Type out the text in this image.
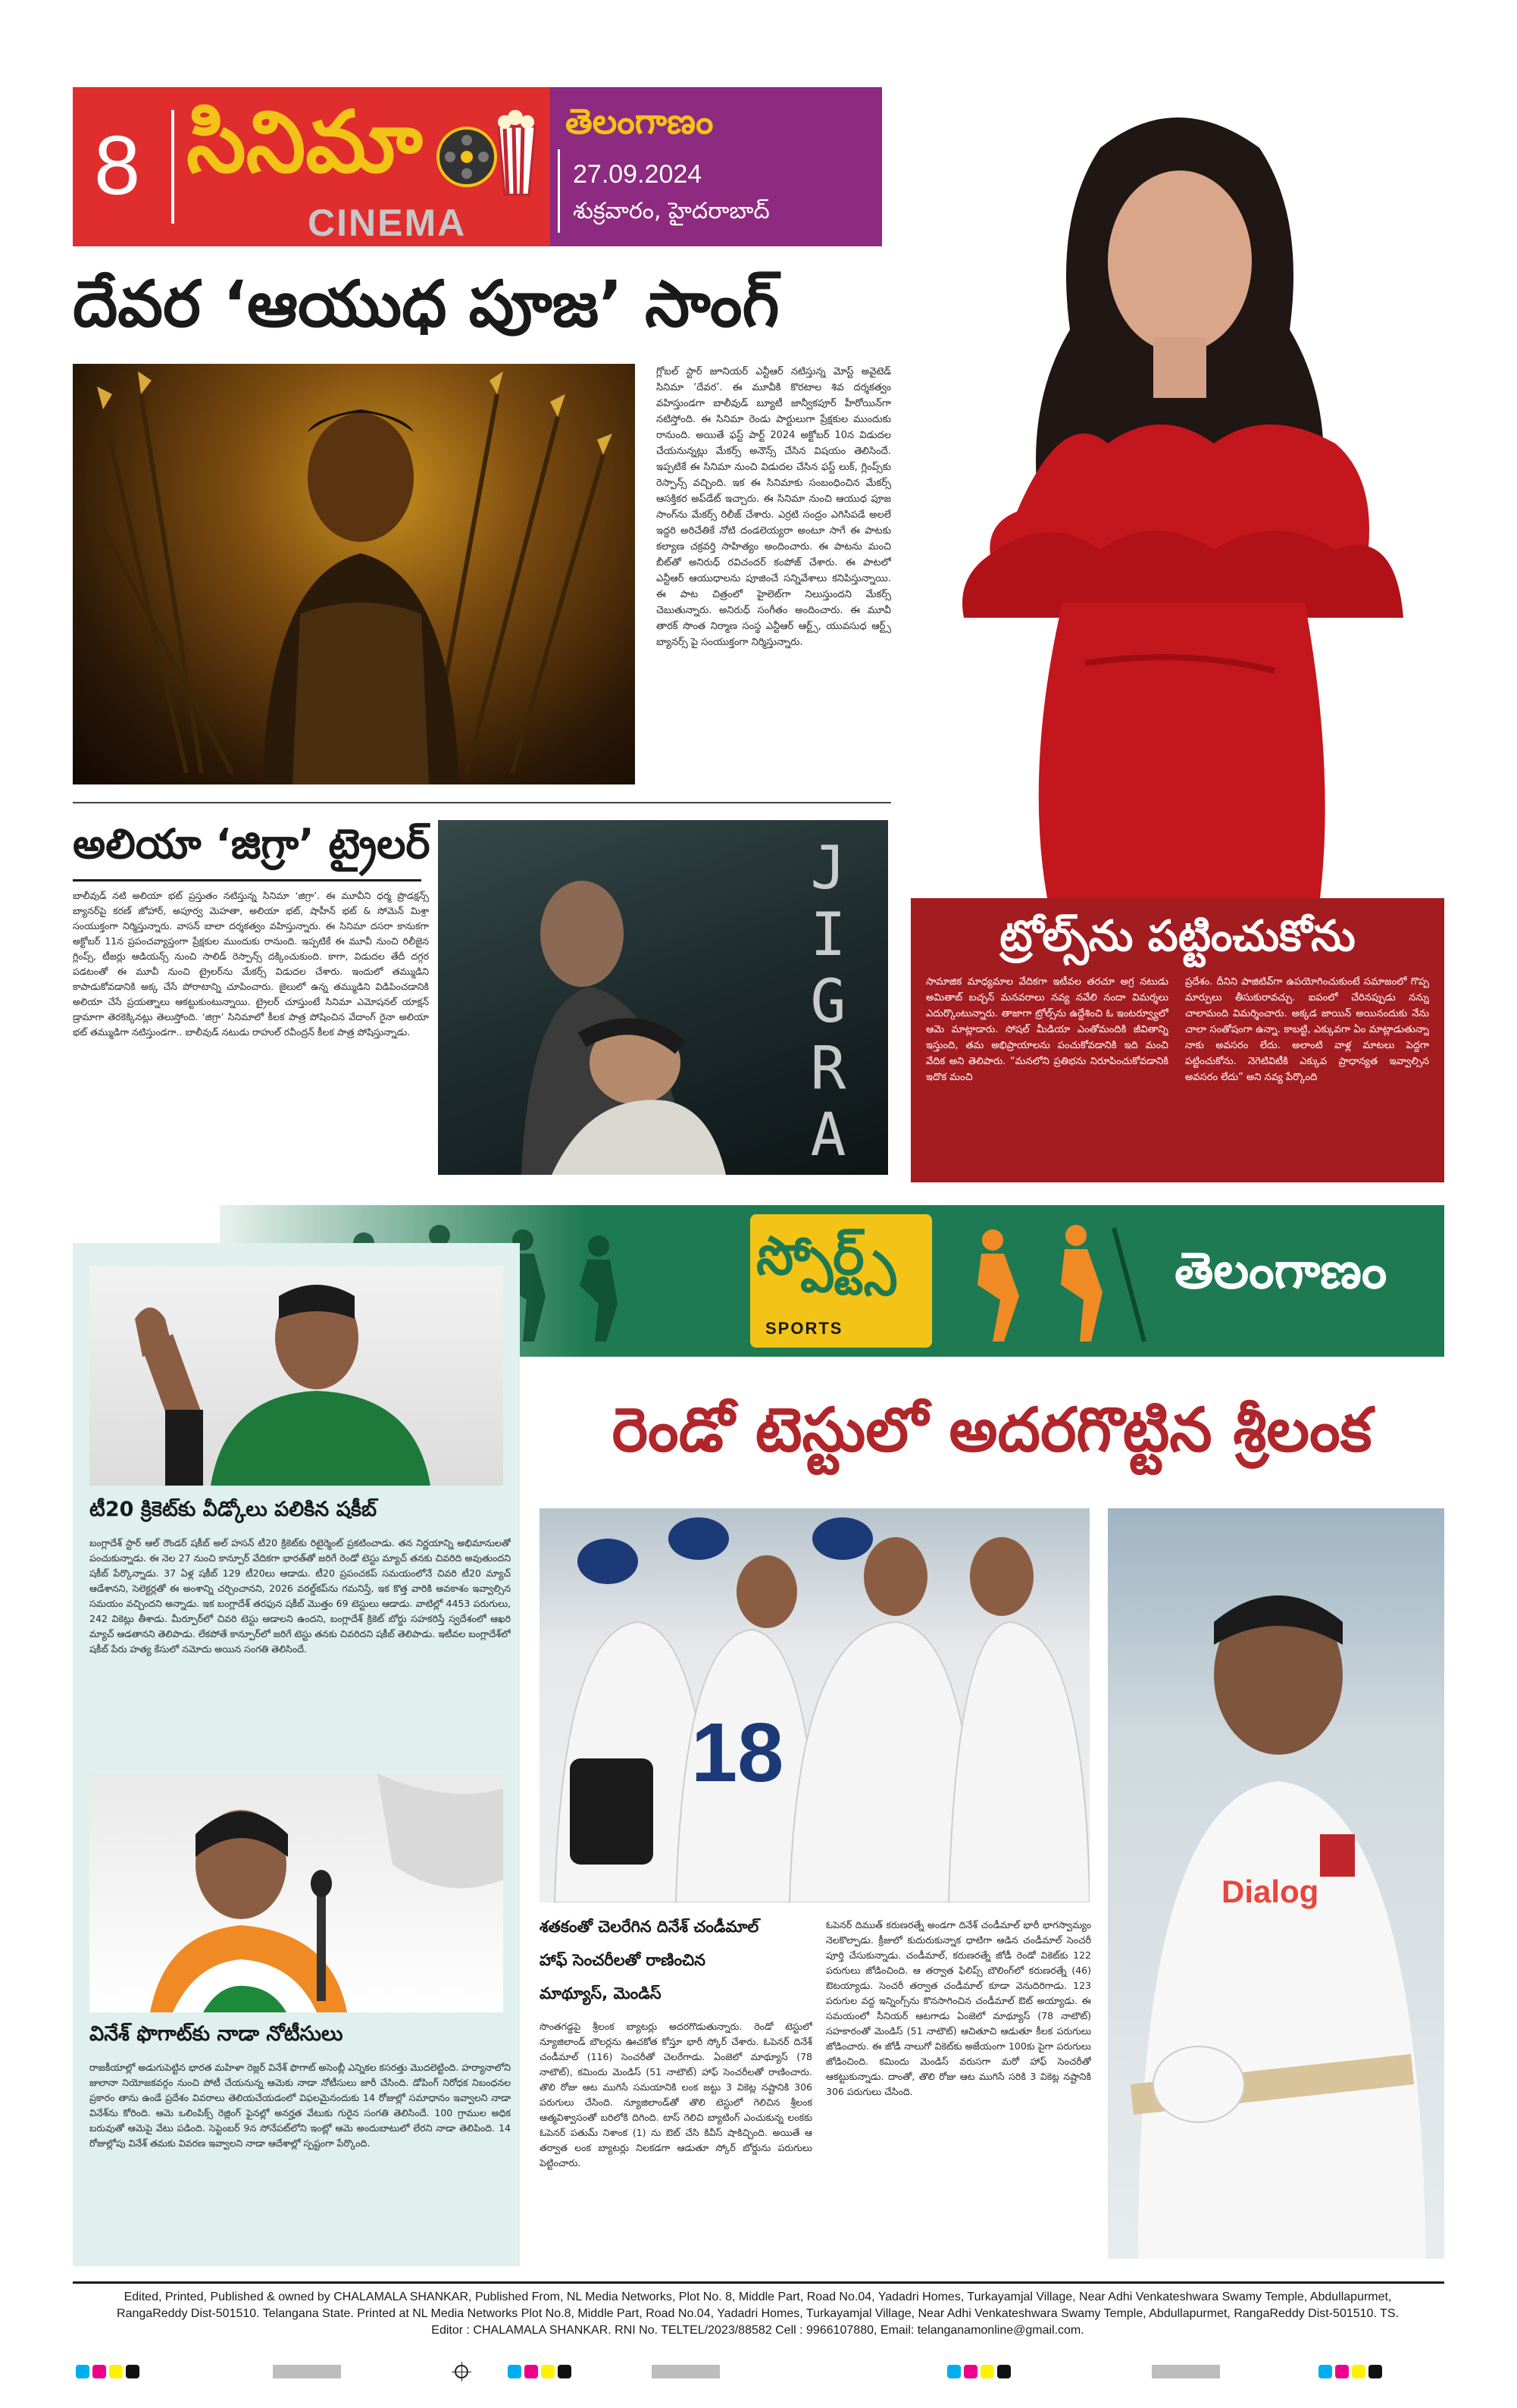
8 సినిమా
CINEMA
తెలంగాణం
27.09.2024
శుక్రవారం, హైదరాబాద్
దేవర ‘ఆయుధ పూజ’ సాంగ్
గ్లోబల్ స్టార్ జూనియర్ ఎన్టీఆర్ నటిస్తున్న మోస్ట్ అవైటెడ్ సినిమా ‘దేవర’. ఈ మూవీకి కొరటాల శివ దర్శకత్వం వహిస్తుండగా బాలీవుడ్ బ్యూటీ జాన్వీకపూర్ హీరోయిన్‌గా నటిస్తోంది. ఈ సినిమా రెండు పార్టులుగా ప్రేక్షకుల ముందుకు రానుంది. అయితే ఫస్ట్ పార్ట్ 2024 అక్టోబర్ 10న విడుదల చేయనున్నట్లు మేకర్స్ అనౌన్స్ చేసిన విషయం తెలిసిందే. ఇప్పటికే ఈ సినిమా నుంచి విడుదల చేసిన ఫస్ట్ లుక్, గ్లింప్స్‌కు రెస్పాన్స్ వచ్చింది. ఇక ఈ సినిమాకు సంబంధించిన మేకర్స్ ఆసక్తికర అప్‌డేట్ ఇచ్చారు. ఈ సినిమా నుంచి ఆయుధ పూజ సాంగ్‌ను మేకర్స్ రిలీజ్ చేశారు. ఎర్రటి సంద్రం ఎగిసిపడే అలలే ఇద్దరి అరిచేతికే నోటి దండలెయ్యరా అంటూ సాగే ఈ పాటకు కల్యాణ చక్రవర్తి సాహిత్యం అందించారు. ఈ పాటను మంచి బీట్‌తో అనిరుధ్ రవిచందర్ కంపోజ్ చేశారు. ఈ పాటలో ఎన్టీఆర్ ఆయుధాలను పూజించే సన్నివేశాలు కనిపిస్తున్నాయి. ఈ పాట చిత్రంలో హైలెట్‌గా నిలుస్తుందని మేకర్స్ చెబుతున్నారు. అనిరుధ్ సంగీతం అందించారు. ఈ మూవీ తారక్ సొంత నిర్మాణ సంస్థ ఎన్టీఆర్ ఆర్ట్స్, యువసుధ ఆర్ట్స్ బ్యానర్స్ పై సంయుక్తంగా నిర్మిస్తున్నారు.
అలియా ‘జిగ్రా’ ట్రైలర్
బాలీవుడ్ నటి అలియా భట్ ప్రస్తుతం నటిస్తున్న సినిమా ‘జిగ్రా’. ఈ మూవీని ధర్మ ప్రొడక్షన్స్ బ్యానర్‌పై కరణ్ జోహార్, అపూర్వ మెహతా, అలియా భట్, షాహీన్ భట్ & సోమెన్ మిశ్రా సంయుక్తంగా నిర్మిస్తున్నారు. వాసన్ బాలా దర్శకత్వం వహిస్తున్నారు. ఈ సినిమా దసరా కానుకగా అక్టోబర్ 11న ప్రపంచవ్యాప్తంగా ప్రేక్షకుల ముందుకు రానుంది. ఇప్పటికే ఈ మూవీ నుంచి రిలీజైన గ్లింప్స్, టీజర్లు ఆడియన్స్ నుంచి సాలిడ్ రెస్పాన్స్ దక్కించుకుంది. కాగా, విడుదల తేదీ దగ్గర పడటంతో ఈ మూవీ నుంచి ట్రైలర్‌ను మేకర్స్ విడుదల చేశారు. ఇందులో తమ్ముడిని కాపాడుకోవడానికి అక్క చేసే పోరాటాన్ని చూపించారు. జైలులో ఉన్న తమ్ముడిని విడిపించడానికి అలియా చేసే ప్రయత్నాలు ఆకట్టుకుంటున్నాయి. ట్రైలర్ చూస్తుంటే సినిమా ఎమోషనల్ యాక్షన్ డ్రామాగా తెరకెక్కినట్లు తెలుస్తోంది. ‘జిగ్రా’ సినిమాలో కీలక పాత్ర పోషించిన వేదాంగ్ రైనా అలియా భట్ తమ్ముడిగా నటిస్తుండగా.. బాలీవుడ్ నటుడు రాహుల్ రవీంద్రన్ కీలక పాత్ర పోషిస్తున్నాడు.
JIGRA
ట్రోల్స్‌ను పట్టించుకోను
సామాజిక మాధ్యమాల వేదికగా ఇటీవల తరచూ అగ్ర నటుడు అమితాబ్ బచ్చన్ మనవరాలు నవ్య నవేలి నందా విమర్శలు ఎదుర్కొంటున్నారు. తాజాగా ట్రోల్స్‌ను ఉద్దేశించి ఓ ఇంటర్వ్యూలో ఆమె మాట్లాడారు. సోషల్ మీడియా ఎంతోమందికి జీవితాన్ని ఇస్తుంది, తమ అభిప్రాయాలను పంచుకోవడానికి ఇది మంచి వేదిక అని తెలిపారు. “మనలోని ప్రతిభను నిరూపించుకోవడానికి ఇదొక మంచి
ప్రదేశం. దీనిని పాజిటివ్‌గా ఉపయోగించుకుంటే సమాజంలో గొప్ప మార్పులు తీసుకురావచ్చు. ఐపంలో చేరినప్పుడు నన్ను చాలామంది విమర్శించారు. అక్కడ జాయిన్ అయినందుకు నేను చాలా సంతోషంగా ఉన్నా. కాబట్టి, ఎక్కువగా ఏం మాట్లాడుతున్నా నాకు అవసరం లేదు. అలాంటి వాళ్ల మాటలు పెద్దగా పట్టించుకోను. నెగెటివిటీకి ఎక్కువ ప్రాధాన్యత ఇవ్వాల్సిన అవసరం లేదు” అని నవ్య పేర్కొంది
స్పోర్ట్స్
SPORTS
తెలంగాణం
టీ20 క్రికెట్‌కు వీడ్కోలు పలికిన షకీబ్
బంగ్లాదేశ్ స్టార్ ఆల్ రౌండర్ షకీబ్ అల్ హసన్ టీ20 క్రికెట్‌కు రిటైర్మెంట్ ప్రకటించాడు. తన నిర్ణయాన్ని అభిమానులతో పంచుకున్నాడు. ఈ నెల 27 నుంచి కాన్పూర్ వేదికగా భారత్‌తో జరిగే రెండో టెస్టు మ్యాచ్ తనకు చివరిది అవుతుందని షకీబ్ పేర్కొన్నాడు. 37 ఏళ్ల షకీబ్ 129 టీ20లు ఆడాడు. టీ20 ప్రపంచకప్ సమయంలోనే చివరి టీ20 మ్యాచ్ ఆడేశానని, సెలెక్టర్లతో ఈ అంశాన్ని చర్చించానని, 2026 వరల్డ్‌కప్‌ను గమనిస్తే, ఇక కొత్త వారికి అవకాశం ఇవ్వాల్సిన సమయం వచ్చిందని అన్నాడు. ఇక బంగ్లాదేశ్ తరఫున షకీబ్ మొత్తం 69 టెస్టులు ఆడాడు. వాటిల్లో 4453 పరుగులు, 242 వికెట్లు తీశాడు. మీర్పూర్‌లో చివరి టెస్టు ఆడాలని ఉందని, బంగ్లాదేశ్ క్రికెట్ బోర్డు సహకరిస్తే స్వదేశంలో ఆఖరి మ్యాచ్ ఆడతానని తెలిపాడు. లేకపోతే కాన్పూర్‌లో జరిగే టెస్టు తనకు చివరిదని షకీబ్ తెలిపాడు. ఇటీవల బంగ్లాదేశ్‌లో షకీబ్ పేరు హత్య కేసులో నమోదు అయిన సంగతి తెలిసిందే.
వినేశ్ ఫొగాట్‌కు నాడా నోటీసులు
రాజకీయాల్లో అడుగుపెట్టిన భారత మహిళా రెజ్లర్ వినేశ్ ఫొగాట్ అసెంబ్లీ ఎన్నికల కసరత్తు మొదలెట్టింది. హర్యానాలోని జులానా నియోజకవర్గం నుంచి పోటీ చేయనున్న ఆమెకు నాడా నోటీసులు జారీ చేసింది. డోపింగ్ నిరోధక నిబంధనల ప్రకారం తాను ఉండే ప్రదేశం వివరాలు తెలియచేయడంలో విఫలమైనందుకు 14 రోజుల్లో సమాధానం ఇవ్వాలని నాడా వినేశ్‌ను కోరింది. ఆమె ఒలింపిక్స్ రెజ్లింగ్ ఫైనల్లో అనర్హత వేటుకు గురైన సంగతి తెలిసిందే. 100 గ్రాముల అధిక బరువుతో ఆమెపై వేటు పడింది. సెప్టెంబర్ 9న సోనేపట్‌లోని ఇంట్లో ఆమె అందుబాటులో లేరని నాడా తెలిపింది. 14 రోజుల్లోపు వినేశ్ తమకు వివరణ ఇవ్వాలని నాడా ఆదేశాల్లో స్పష్టంగా పేర్కొంది.
రెండో టెస్టులో అదరగొట్టిన శ్రీలంక
18
Dialog
శతకంతో చెలరేగిన దినేశ్ చండీమాల్
హాఫ్ సెంచరీలతో రాణించిన
మాథ్యూస్, మెండిస్
సొంతగడ్డపై శ్రీలంక బ్యాటర్లు అదరగొడుతున్నారు. రెండో టెస్టులో న్యూజిలాండ్ బౌలర్లను ఊచకోత కోస్తూ భారీ స్కోర్ చేశారు. ఓపెనర్ దినేశ్ చండీమాల్ (116) సెంచరీతో చెలరేగాడు. ఏంజెలో మాథ్యూస్ (78 నాటౌట్), కమిందు మెండిస్ (51 నాటౌట్) హాఫ్ సెంచరీలతో రాణించారు. తొలి రోజు ఆట ముగిసే సమయానికి లంక జట్టు 3 వికెట్ల నష్టానికి 306 పరుగులు చేసింది. న్యూజిలాండ్‌తో తొలి టెస్టులో గెలిచిన శ్రీలంక ఆత్మవిశ్వాసంతో బరిలోకి దిగింది. టాస్ గెలిచి బ్యాటింగ్ ఎంచుకున్న లంకకు ఓపెనర్ పతుమ్ నిశాంక (1) ను ఔట్ చేసి కివీస్ షాకిచ్చింది. అయితే ఆ తర్వాత లంక బ్యాటర్లు నిలకడగా ఆడుతూ స్కోర్ బోర్డును పరుగులు పెట్టించారు.
ఓపెనర్ దిముత్ కరుణరత్నే అండగా దినేశ్ చండీమాల్ భారీ భాగస్వామ్యం నెలకొల్పాడు. క్రీజులో కుదురుకున్నాక ధాటిగా ఆడిన చండీమాల్ సెంచరీ పూర్తి చేసుకున్నాడు. చండీమాల్, కరుణరత్నే జోడీ రెండో వికెట్‌కు 122 పరుగులు జోడించింది. ఆ తర్వాత ఫిలిప్స్ బౌలింగ్‌లో కరుణరత్నే (46) ఔటయ్యాడు. సెంచరీ తర్వాత చండీమాల్ కూడా వెనుదిరిగాడు. 123 పరుగుల వద్ద ఇన్నింగ్స్‌ను కొనసాగించిన చండీమాల్ ఔట్ అయ్యాడు. ఈ సమయంలో సీనియర్ ఆటగాడు ఏంజెలో మాథ్యూస్ (78 నాటౌట్) సహకారంతో మెండిస్ (51 నాటౌట్) ఆచితూచి ఆడుతూ కీలక పరుగులు జోడించారు. ఈ జోడీ నాలుగో వికెట్‌కు అజేయంగా 100కు పైగా పరుగులు జోడించింది. కమిందు మెండిస్ వరుసగా మరో హాఫ్ సెంచరీతో ఆకట్టుకున్నాడు. దాంతో, తొలి రోజు ఆట ముగిసే సరికి 3 వికెట్ల నష్టానికి 306 పరుగులు చేసింది.
Edited, Printed, Published & owned by CHALAMALA SHANKAR, Published From, NL Media Networks, Plot No. 8, Middle Part, Road No.04, Yadadri Homes, Turkayamjal Village, Near Adhi Venkateshwara Swamy Temple, Abdullapurmet, RangaReddy Dist-501510. Telangana State. Printed at NL Media Networks Plot No.8, Middle Part, Road No.04, Yadadri Homes, Turkayamjal Village, Near Adhi Venkateshwara Swamy Temple, Abdullapurmet, RangaReddy Dist-501510. TS. Editor : CHALAMALA SHANKAR. RNI No. TELTEL/2023/88582 Cell : 9966107880, Email: telanganamonline@gmail.com.
